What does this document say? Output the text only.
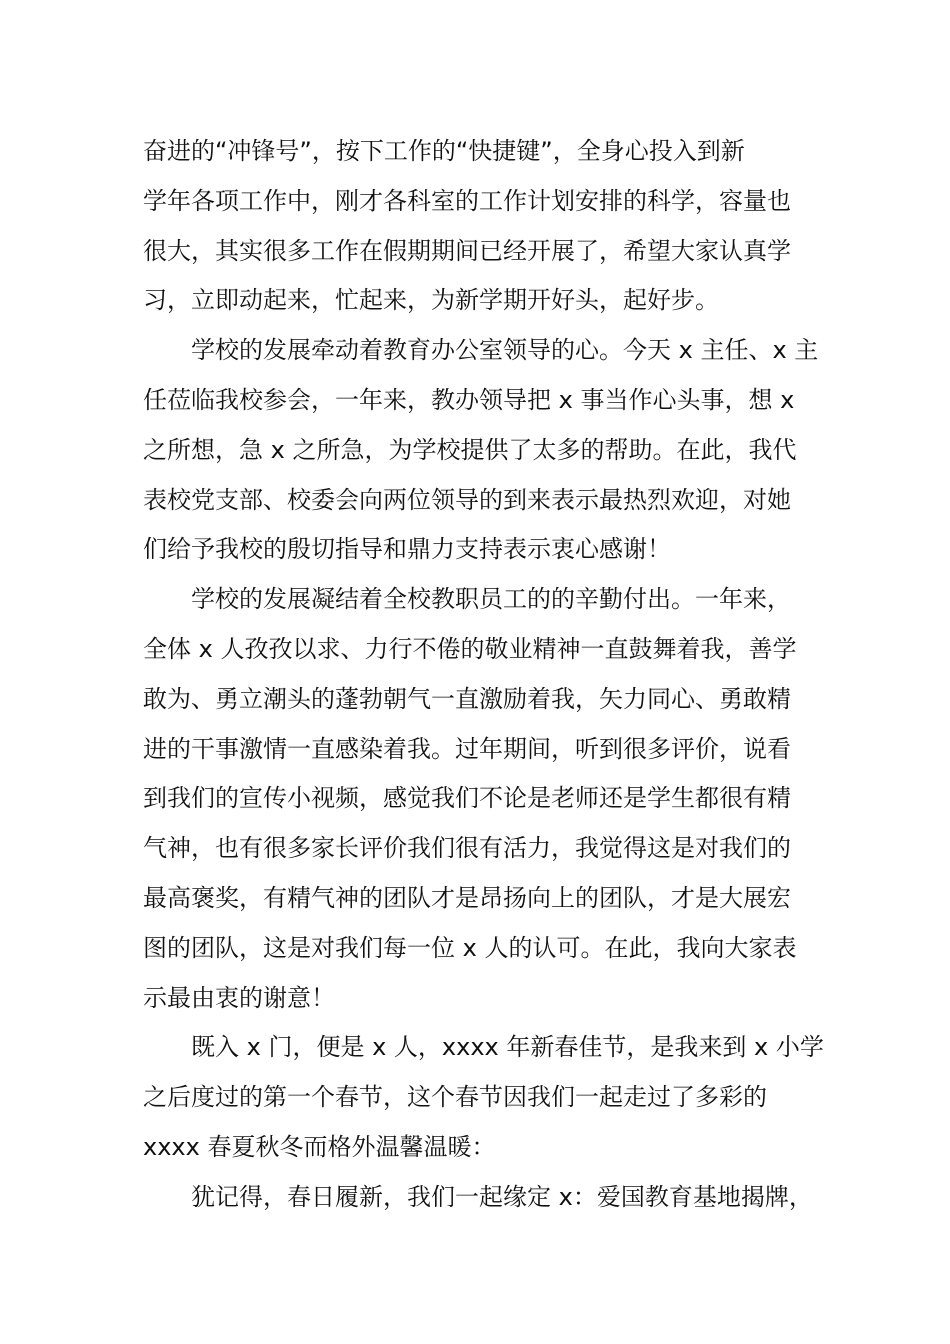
奋进的“冲锋号”，按下工作的“快捷键”，全身心投入到新
学年各项工作中，刚才各科室的工作计划安排的科学，容量也
很大，其实很多工作在假期期间已经开展了，希望大家认真学
习，立即动起来，忙起来，为新学期开好头，起好步。
学校的发展牵动着教育办公室领导的心。今天 x 主任、x 主
任莅临我校参会，一年来，教办领导把 x 事当作心头事，想 x
之所想，急 x 之所急，为学校提供了太多的帮助。在此，我代
表校党支部、校委会向两位领导的到来表示最热烈欢迎，对她
们给予我校的殷切指导和鼎力支持表示衷心感谢！
学校的发展凝结着全校教职员工的的辛勤付出。一年来，
全体 x 人孜孜以求、力行不倦的敬业精神一直鼓舞着我，善学
敢为、勇立潮头的蓬勃朝气一直激励着我，矢力同心、勇敢精
进的干事激情一直感染着我。过年期间，听到很多评价，说看
到我们的宣传小视频，感觉我们不论是老师还是学生都很有精
气神，也有很多家长评价我们很有活力，我觉得这是对我们的
最高褒奖，有精气神的团队才是昂扬向上的团队，才是大展宏
图的团队，这是对我们每一位 x 人的认可。在此，我向大家表
示最由衷的谢意！
既入 x 门，便是 x 人，xxxx 年新春佳节，是我来到 x 小学
之后度过的第一个春节，这个春节因我们一起走过了多彩的
xxxx 春夏秋冬而格外温馨温暖：
犹记得，春日履新，我们一起缘定 x：爱国教育基地揭牌，
